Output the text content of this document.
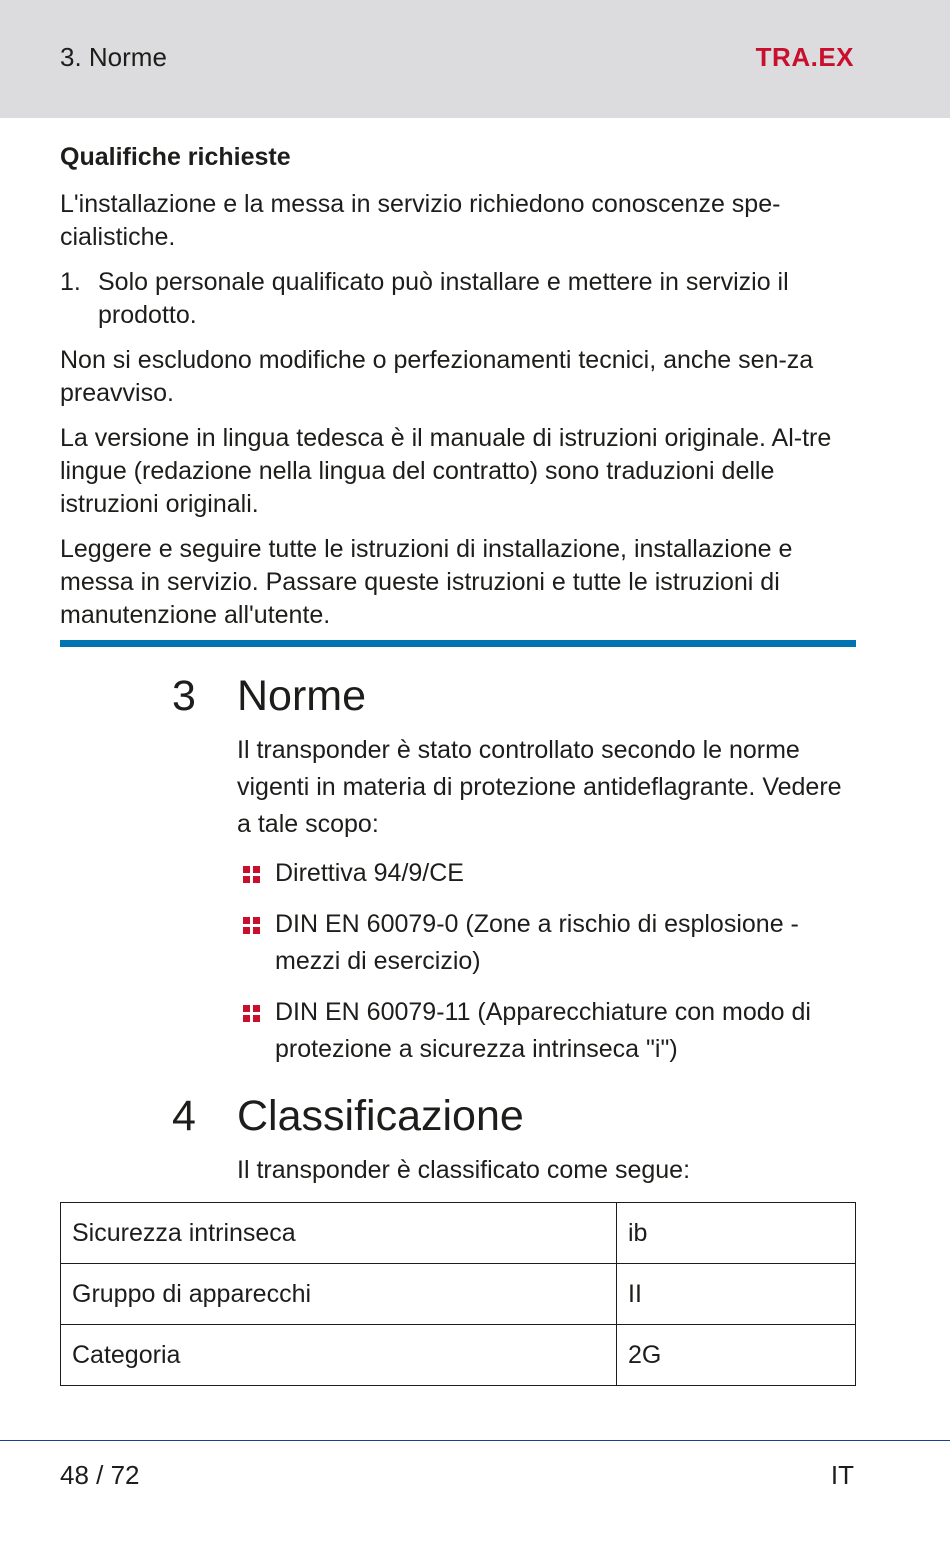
3. Norme	TRA.EX
Qualifiche richieste

L'installazione e la messa in servizio richiedono conoscenze spe-cialistiche.

1. Solo personale qualificato può installare e mettere in servizio il prodotto.

Non si escludono modifiche o perfezionamenti tecnici, anche sen-za preavviso.

La versione in lingua tedesca è il manuale di istruzioni originale. Al-tre lingue (redazione nella lingua del contratto) sono traduzioni delle istruzioni originali.

Leggere e seguire tutte le istruzioni di installazione, installazione e messa in servizio. Passare queste istruzioni e tutte le istruzioni di manutenzione all'utente.

3 Norme

Il transponder è stato controllato secondo le norme vigenti in materia di protezione antideflagrante. Vedere a tale scopo:

Direttiva 94/9/CE
DIN EN 60079-0 (Zone a rischio di esplosione - mezzi di esercizio)
DIN EN 60079-11 (Apparecchiature con modo di protezione a sicurezza intrinseca "i")
4 Classificazione

Il transponder è classificato come segue:

Sicurezza intrinseca	ib
Gruppo di apparecchi	II
Categoria	2G
48 / 72	IT
